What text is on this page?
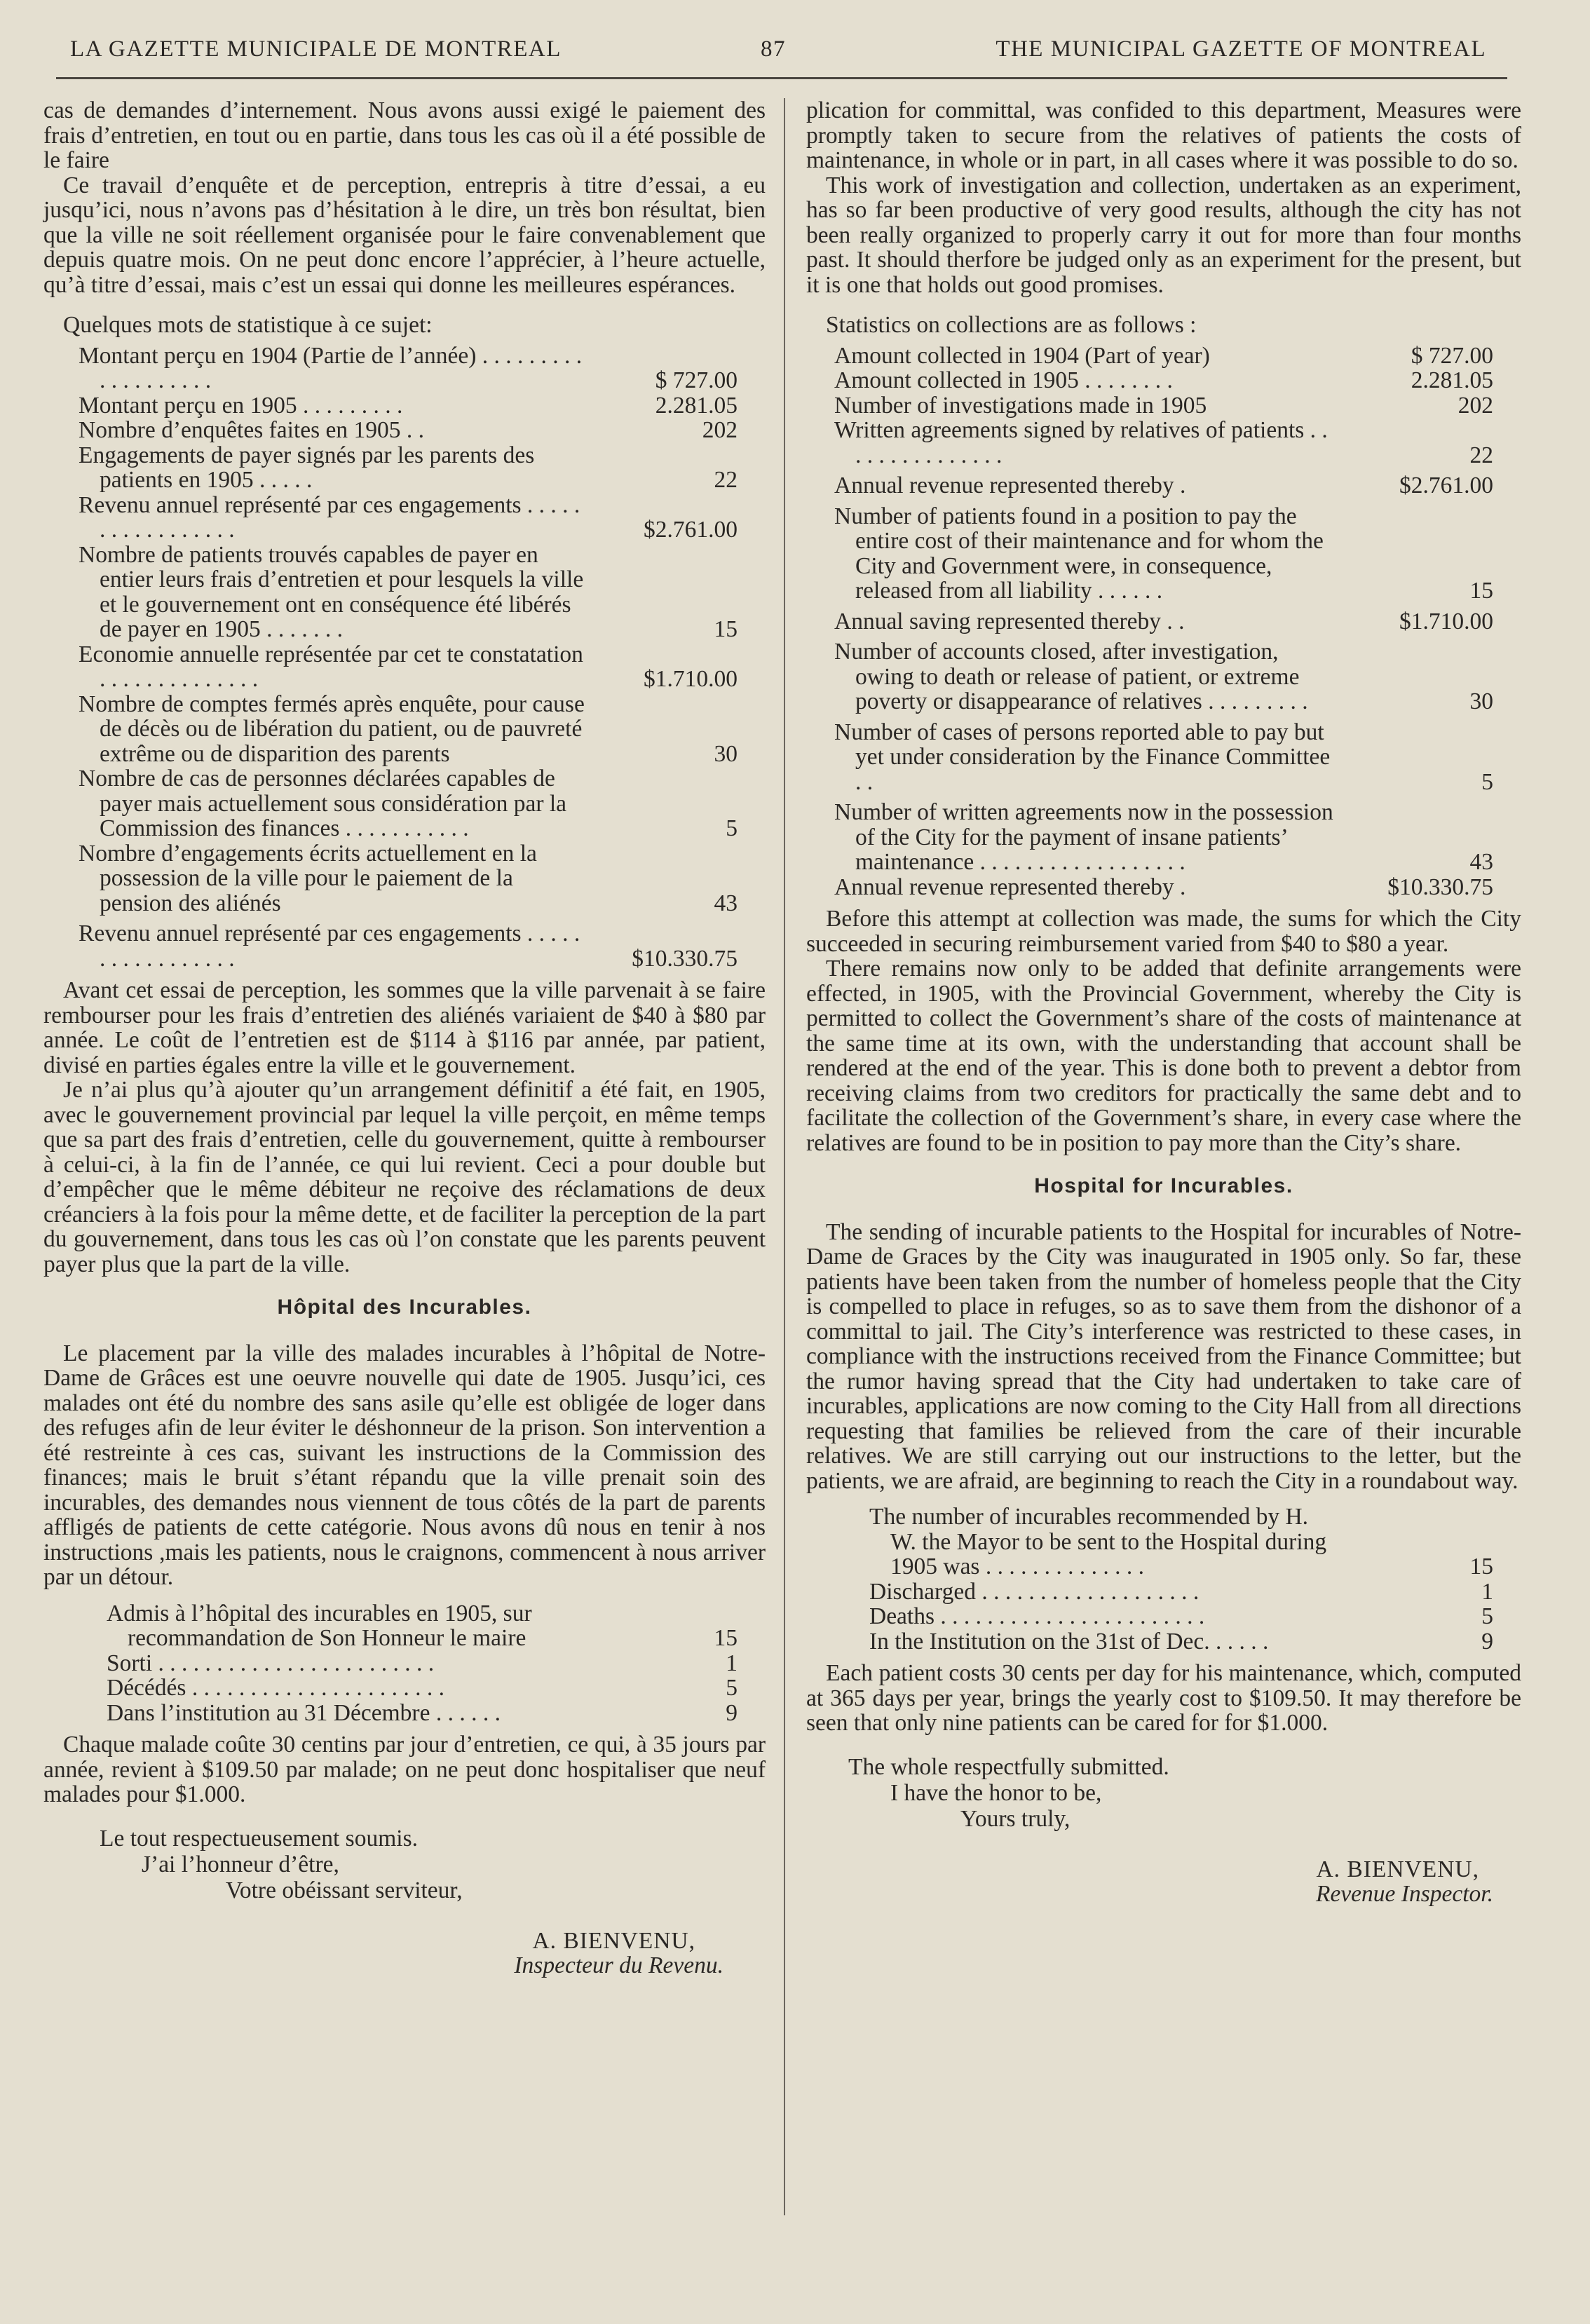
LA GAZETTE MUNICIPALE DE MONTREAL	87	THE MUNICIPAL GAZETTE OF MONTREAL

cas de demandes d’internement. Nous avons aussi exigé le paiement des frais d’entretien, en tout ou en partie, dans tous les cas où il a été possible de le faire

Ce travail d’enquête et de perception, entrepris à titre d’essai, a eu jusqu’ici, nous n’avons pas d’hésitation à le dire, un très bon résultat, bien que la ville ne soit réellement organisée pour le faire convenablement que depuis quatre mois. On ne peut donc encore l’apprécier, à l’heure actuelle, qu’à titre d’essai, mais c’est un essai qui donne les meilleures espérances.

Quelques mots de statistique à ce sujet:
Montant perçu en 1904 (Partie de l’année) . . . . . . . . . . . . . . . . . . .	$ 727.00
Montant perçu en 1905 . . . . . . . . .	2.281.05
Nombre d’enquêtes faites en 1905 . .	202
Engagements de payer signés par les parents des patients en 1905 . . . . .	22
Revenu annuel représenté par ces engagements . . . . . . . . . . . . . . . . .	$2.761.00
Nombre de patients trouvés capables de payer en entier leurs frais d’entretien et pour lesquels la ville et le gouvernement ont en conséquence été libérés de payer en 1905 . . . . . . .	15
Economie annuelle représentée par cet te constatation . . . . . . . . . . . . . .	$1.710.00
Nombre de comptes fermés après enquête, pour cause de décès ou de libération du patient, ou de pauvreté extrême ou de disparition des parents	30
Nombre de cas de personnes déclarées capables de payer mais actuellement sous considération par la Commission des finances . . . . . . . . . . .	5
Nombre d’engagements écrits actuellement en la possession de la ville pour le paiement de la pension des aliénés	43
Revenu annuel représenté par ces engagements . . . . . . . . . . . . . . . . .	$10.330.75

Avant cet essai de perception, les sommes que la ville parvenait à se faire rembourser pour les frais d’entretien des aliénés variaient de $40 à $80 par année. Le coût de l’entretien est de $114 à $116 par année, par patient, divisé en parties égales entre la ville et le gouvernement.

Je n’ai plus qu’à ajouter qu’un arrangement définitif a été fait, en 1905, avec le gouvernement provincial par lequel la ville perçoit, en même temps que sa part des frais d’entretien, celle du gouvernement, quitte à rembourser à celui-ci, à la fin de l’année, ce qui lui revient. Ceci a pour double but d’empêcher que le même débiteur ne reçoive des réclamations de deux créanciers à la fois pour la même dette, et de faciliter la perception de la part du gouvernement, dans tous les cas où l’on constate que les parents peuvent payer plus que la part de la ville.

Hôpital des Incurables.

Le placement par la ville des malades incurables à l’hôpital de Notre-Dame de Grâces est une oeuvre nouvelle qui date de 1905. Jusqu’ici, ces malades ont été du nombre des sans asile qu’elle est obligée de loger dans des refuges afin de leur éviter le déshonneur de la prison. Son intervention a été restreinte à ces cas, suivant les instructions de la Commission des finances; mais le bruit s’étant répandu que la ville prenait soin des incurables, des demandes nous viennent de tous côtés de la part de parents affligés de patients de cette catégorie. Nous avons dû nous en tenir à nos instructions ,mais les patients, nous le craignons, commencent à nous arriver par un détour.

Admis à l’hôpital des incurables en 1905, sur recommandation de Son Honneur le maire	15
Sorti . . . . . . . . . . . . . . . . . . . . . . . .	1
Décédés . . . . . . . . . . . . . . . . . . . . . .	5
Dans l’institution au 31 Décembre . . . . . .	9

Chaque malade coûte 30 centins par jour d’entretien, ce qui, à 35 jours par année, revient à $109.50 par malade; on ne peut donc hospitaliser que neuf malades pour $1.000.

Le tout respectueusement soumis.
J’ai l’honneur d’être,
Votre obéissant serviteur,
A. BIENVENU,
Inspecteur du Revenu.

plication for committal, was confided to this department, Measures were promptly taken to secure from the relatives of patients the costs of maintenance, in whole or in part, in all cases where it was possible to do so.

This work of investigation and collection, undertaken as an experiment, has so far been productive of very good results, although the city has not been really organized to properly carry it out for more than four months past. It should therfore be judged only as an experiment for the present, but it is one that holds out good promises.

Statistics on collections are as follows :
Amount collected in 1904 (Part of year)	$ 727.00
Amount collected in 1905 . . . . . . . .	2.281.05
Number of investigations made in 1905	202
Written agreements signed by relatives of patients . . . . . . . . . . . . . . .	22
Annual revenue represented thereby .	$2.761.00
Number of patients found in a position to pay the entire cost of their maintenance and for whom the City and Government were, in consequence, released from all liability . . . . . .	15
Annual saving represented thereby . .	$1.710.00
Number of accounts closed, after investigation, owing to death or release of patient, or extreme poverty or disappearance of relatives . . . . . . . . .	30
Number of cases of persons reported able to pay but yet under consideration by the Finance Committee . .	5
Number of written agreements now in the possession of the City for the payment of insane patients’ maintenance . . . . . . . . . . . . . . . . . .	43
Annual revenue represented thereby .	$10.330.75

Before this attempt at collection was made, the sums for which the City succeeded in securing reimbursement varied from $40 to $80 a year.

There remains now only to be added that definite arrangements were effected, in 1905, with the Provincial Government, whereby the City is permitted to collect the Government’s share of the costs of maintenance at the same time at its own, with the understanding that account shall be rendered at the end of the year. This is done both to prevent a debtor from receiving claims from two creditors for practically the same debt and to facilitate the collection of the Government’s share, in every case where the relatives are found to be in position to pay more than the City’s share.

Hospital for Incurables.

The sending of incurable patients to the Hospital for incurables of Notre-Dame de Graces by the City was inaugurated in 1905 only. So far, these patients have been taken from the number of homeless people that the City is compelled to place in refuges, so as to save them from the dishonor of a committal to jail. The City’s interference was restricted to these cases, in compliance with the instructions received from the Finance Committee; but the rumor having spread that the City had undertaken to take care of incurables, applications are now coming to the City Hall from all directions requesting that families be relieved from the care of their incurable relatives. We are still carrying out our instructions to the letter, but the patients, we are afraid, are beginning to reach the City in a roundabout way.

The number of incurables recommended by H. W. the Mayor to be sent to the Hospital during 1905 was . . . . . . . . . . . . . .	15
Discharged . . . . . . . . . . . . . . . . . . .	1
Deaths . . . . . . . . . . . . . . . . . . . . . . .	5
In the Institution on the 31st of Dec. . . . . .	9

Each patient costs 30 cents per day for his maintenance, which, computed at 365 days per year, brings the yearly cost to $109.50. It may therefore be seen that only nine patients can be cared for for $1.000.

The whole respectfully submitted.
I have the honor to be,
Yours truly,
A. BIENVENU,
Revenue Inspector.
